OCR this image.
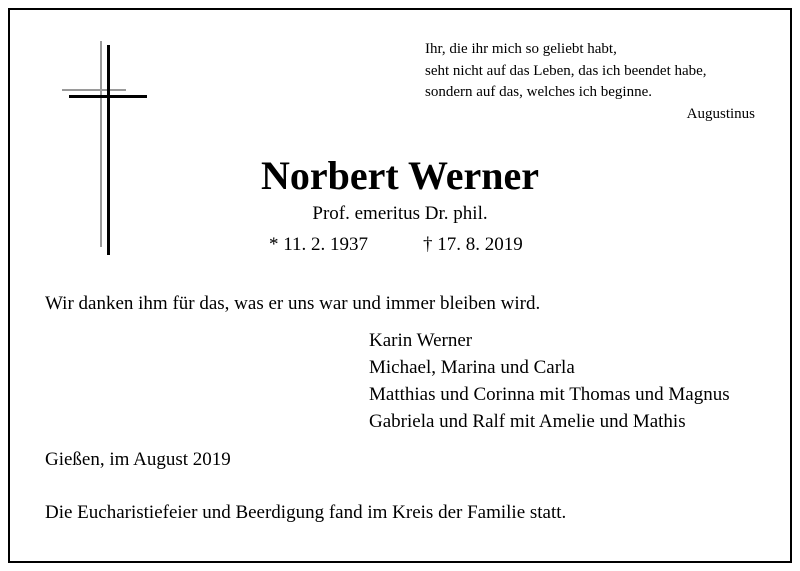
Ihr, die ihr mich so geliebt habt,
seht nicht auf das Leben, das ich beendet habe,
sondern auf das, welches ich beginne.
Augustinus
Norbert Werner
Prof. emeritus Dr. phil.
* 11. 2. 1937	† 17. 8. 2019
Wir danken ihm für das, was er uns war und immer bleiben wird.
Karin Werner
Michael, Marina und Carla
Matthias und Corinna mit Thomas und Magnus
Gabriela und Ralf mit Amelie und Mathis
Gießen, im August 2019
Die Eucharistiefeier und Beerdigung fand im Kreis der Familie statt.
